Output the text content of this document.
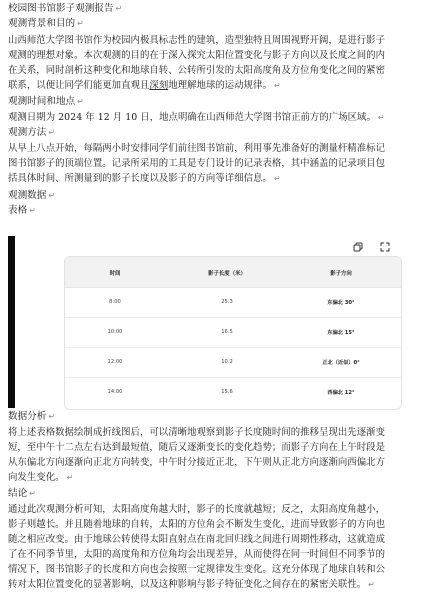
校园图书馆影子观测报告 ↵
观测背景和目的 ↵
山西师范大学图书馆作为校园内极具标志性的建筑，造型独特且周围视野开阔，是进行影子
观测的理想对象。本次观测的目的在于深入探究太阳位置变化与影子方向以及长度之间的内
在关系，同时剖析这种变化和地球自转、公转所引发的太阳高度角及方位角变化之间的紧密
联系，以便让同学们能更加直观且深刻地理解地球的运动规律。 ↵
观测时间和地点 ↵
观测日期为 2024 年 12 月 10 日，地点明确在山西师范大学图书馆正前方的广场区域。 ↵
观测方法 ↵
从早上八点开始，每隔两小时安排同学们前往图书馆前，利用事先准备好的测量杆精准标记
图书馆影子的顶端位置。记录所采用的工具是专门设计的记录表格，其中涵盖的记录项目包
括具体时间、所测量到的影子长度以及影子的方向等详细信息。 ↵
观测数据 ↵
表格 ↵
时间	影子长度（米）	影子方向
8:00	25.3	东偏北 30°
10:00	16.5	东偏北 15°
12:00	10.2	正北（近似）0°
14:00	15.6	西偏北 12°
数据分析 ↵
将上述表格数据绘制成折线图后，可以清晰地观察到影子长度随时间的推移呈现出先逐渐变
短，至中午十二点左右达到最短值，随后又逐渐变长的变化趋势；而影子方向在上午时段是
从东偏北方向逐渐向正北方向转变，中午时分接近正北，下午则从正北方向逐渐向西偏北方
向发生变化。 ↵
结论 ↵
通过此次观测分析可知，太阳高度角越大时，影子的长度就越短；反之，太阳高度角越小，
影子则越长。并且随着地球的自转，太阳的方位角会不断发生变化，进而导致影子的方向也
随之相应改变。由于地球公转使得太阳直射点在南北回归线之间进行周期性移动，这就造成
了在不同季节里，太阳的高度角和方位角均会出现差异，从而使得在同一时间但不同季节的
情况下，图书馆影子的长度和方向也会按照一定规律发生变化。这充分体现了地球自转和公
转对太阳位置变化的显著影响，以及这种影响与影子特征变化之间存在的紧密关联性。 ↵
